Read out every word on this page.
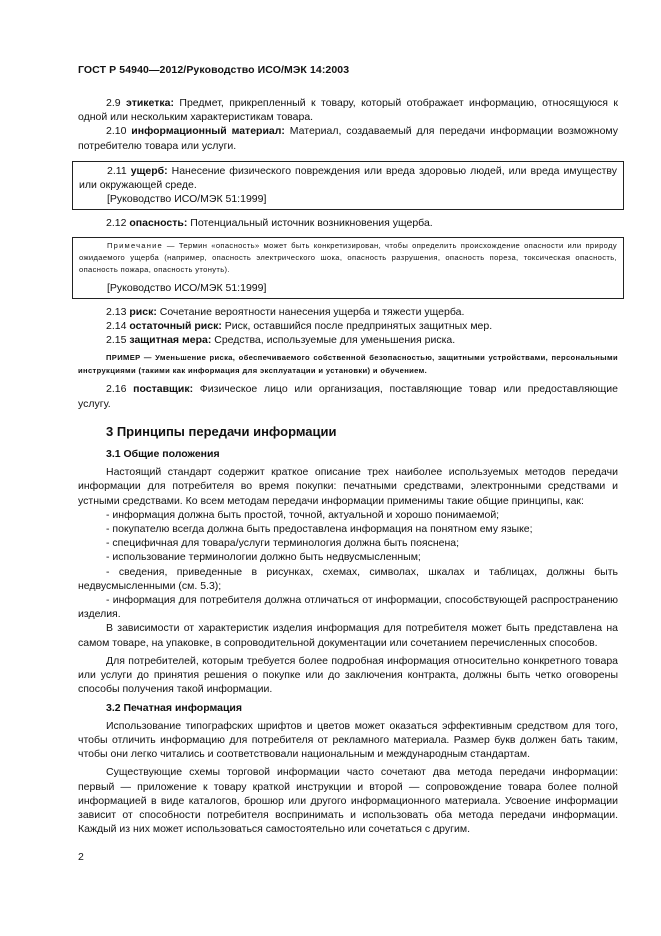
ГОСТ Р 54940—2012/Руководство ИСО/МЭК 14:2003

2.9 этикетка: Предмет, прикрепленный к товару, который отображает информацию, относящуюся к одной или нескольким характеристикам товара.

2.10 информационный материал: Материал, создаваемый для передачи информации возможному потребителю товара или услуги.

2.11 ущерб: Нанесение физического повреждения или вреда здоровью людей, или вреда имуществу или окружающей среде.

[Руководство ИСО/МЭК 51:1999]

2.12 опасность: Потенциальный источник возникновения ущерба.

Примечание — Термин «опасность» может быть конкретизирован, чтобы определить происхождение опасности или природу ожидаемого ущерба (например, опасность электрического шока, опасность разрушения, опасность пореза, токсическая опасность, опасность пожара, опасность утонуть).

[Руководство ИСО/МЭК 51:1999]

2.13 риск: Сочетание вероятности нанесения ущерба и тяжести ущерба.

2.14 остаточный риск: Риск, оставшийся после предпринятых защитных мер.

2.15 защитная мера: Средства, используемые для уменьшения риска.

ПРИМЕР — Уменьшение риска, обеспечиваемого собственной безопасностью, защитными устройствами, персональными инструкциями (такими как информация для эксплуатации и установки) и обучением.

2.16 поставщик: Физическое лицо или организация, поставляющие товар или предоставляющие услугу.

3 Принципы передачи информации
3.1 Общие положения

Настоящий стандарт содержит краткое описание трех наиболее используемых методов передачи информации для потребителя во время покупки: печатными средствами, электронными средствами и устными средствами. Ко всем методам передачи информации применимы такие общие принципы, как:

- информация должна быть простой, точной, актуальной и хорошо понимаемой;
- покупателю всегда должна быть предоставлена информация на понятном ему языке;
- специфичная для товара/услуги терминология должна быть пояснена;
- использование терминологии должно быть недвусмысленным;
- сведения, приведенные в рисунках, схемах, символах, шкалах и таблицах, должны быть недвусмысленными (см. 5.3);
- информация для потребителя должна отличаться от информации, способствующей распространению изделия.

В зависимости от характеристик изделия информация для потребителя может быть представлена на самом товаре, на упаковке, в сопроводительной документации или сочетанием перечисленных способов.

Для потребителей, которым требуется более подробная информация относительно конкретного товара или услуги до принятия решения о покупке или до заключения контракта, должны быть четко оговорены способы получения такой информации.

3.2 Печатная информация

Использование типографских шрифтов и цветов может оказаться эффективным средством для того, чтобы отличить информацию для потребителя от рекламного материала. Размер букв должен бать таким, чтобы они легко читались и соответствовали национальным и международным стандартам.

Существующие схемы торговой информации часто сочетают два метода передачи информации: первый — приложение к товару краткой инструкции и второй — сопровождение товара более полной информацией в виде каталогов, брошюр или другого информационного материала. Усвоение информации зависит от способности потребителя воспринимать и использовать оба метода передачи информации. Каждый из них может использоваться самостоятельно или сочетаться с другим.

2
